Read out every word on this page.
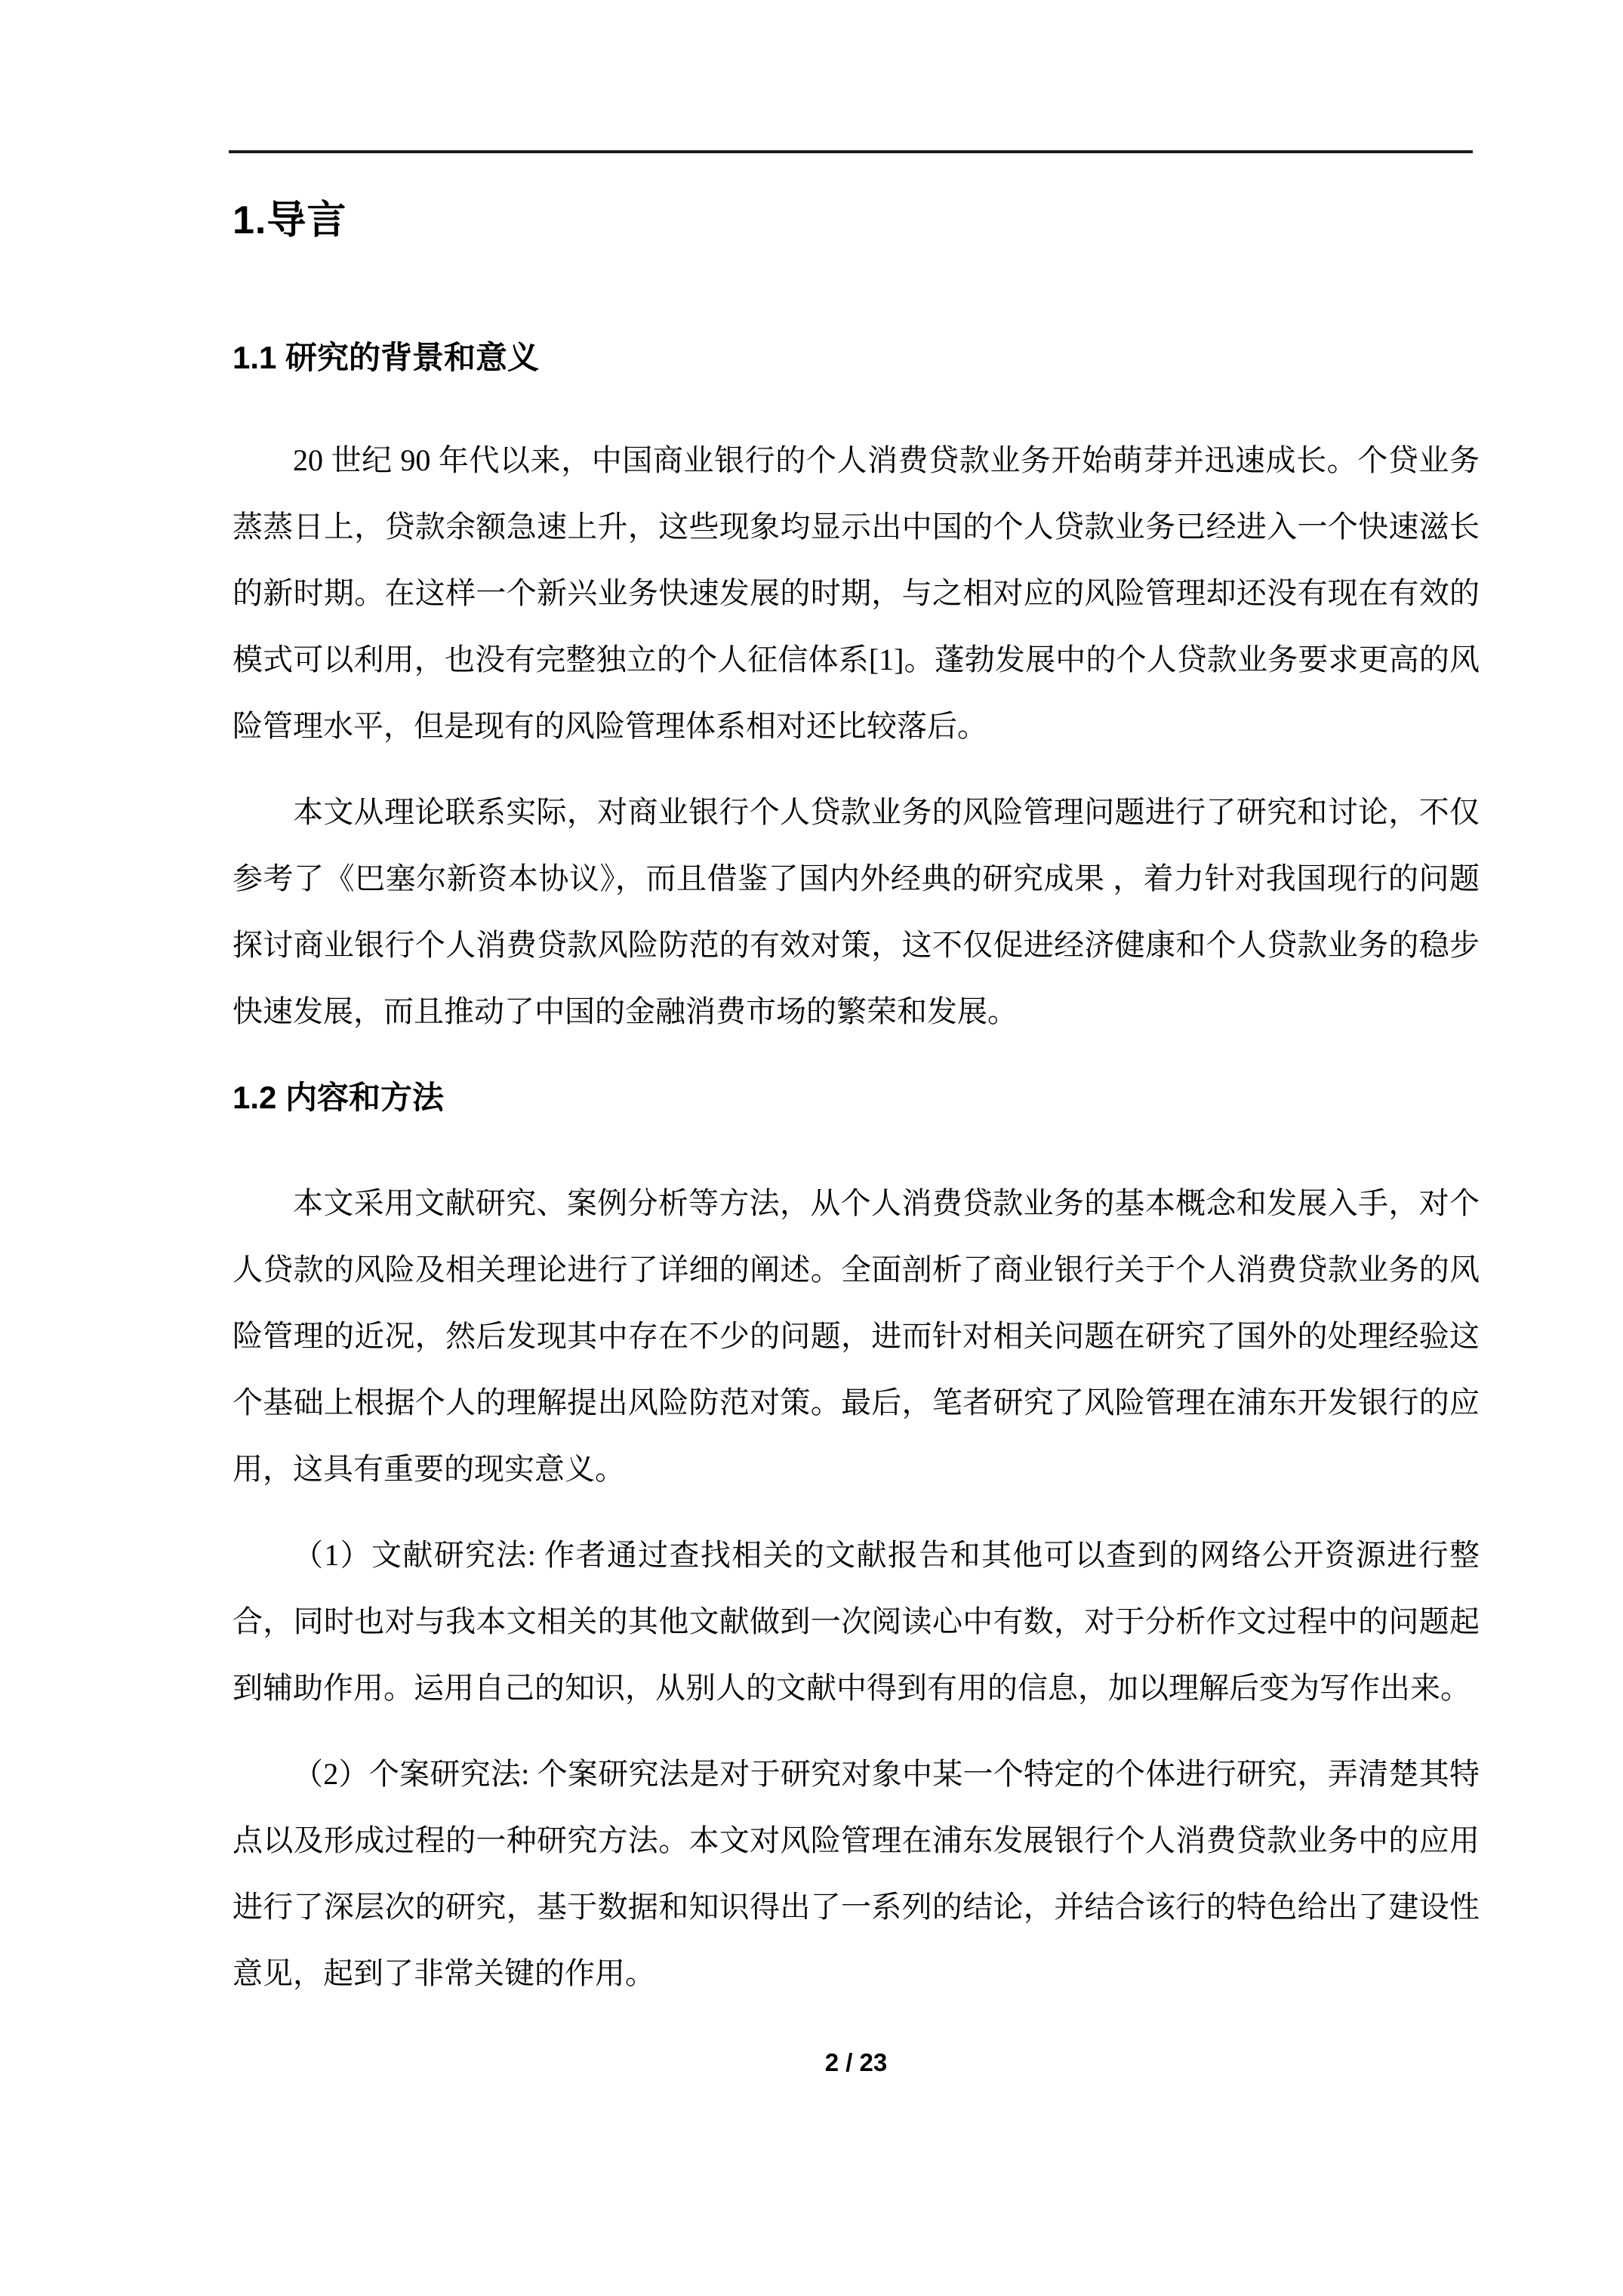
1.导言
1.1 研究的背景和意义

20 世纪 90 年代以来，中国商业银行的个人消费贷款业务开始萌芽并迅速成长。个贷业务蒸蒸日上，贷款余额急速上升，这些现象均显示出中国的个人贷款业务已经进入一个快速滋长的新时期。在这样一个新兴业务快速发展的时期，与之相对应的风险管理却还没有现在有效的模式可以利用，也没有完整独立的个人征信体系[1]。蓬勃发展中的个人贷款业务要求更高的风险管理水平，但是现有的风险管理体系相对还比较落后。

本文从理论联系实际，对商业银行个人贷款业务的风险管理问题进行了研究和讨论，不仅参考了《巴塞尔新资本协议》，而且借鉴了国内外经典的研究成果 ，着力针对我国现行的问题探讨商业银行个人消费贷款风险防范的有效对策，这不仅促进经济健康和个人贷款业务的稳步快速发展，而且推动了中国的金融消费市场的繁荣和发展。

1.2 内容和方法

本文采用文献研究、案例分析等方法，从个人消费贷款业务的基本概念和发展入手，对个人贷款的风险及相关理论进行了详细的阐述。全面剖析了商业银行关于个人消费贷款业务的风险管理的近况，然后发现其中存在不少的问题，进而针对相关问题在研究了国外的处理经验这个基础上根据个人的理解提出风险防范对策。最后，笔者研究了风险管理在浦东开发银行的应用，这具有重要的现实意义。

（1）文献研究法: 作者通过查找相关的文献报告和其他可以查到的网络公开资源进行整合，同时也对与我本文相关的其他文献做到一次阅读心中有数，对于分析作文过程中的问题起到辅助作用。运用自己的知识，从别人的文献中得到有用的信息，加以理解后变为写作出来。

（2）个案研究法: 个案研究法是对于研究对象中某一个特定的个体进行研究，弄清楚其特点以及形成过程的一种研究方法。本文对风险管理在浦东发展银行个人消费贷款业务中的应用进行了深层次的研究，基于数据和知识得出了一系列的结论，并结合该行的特色给出了建设性意见，起到了非常关键的作用。

2 / 23
